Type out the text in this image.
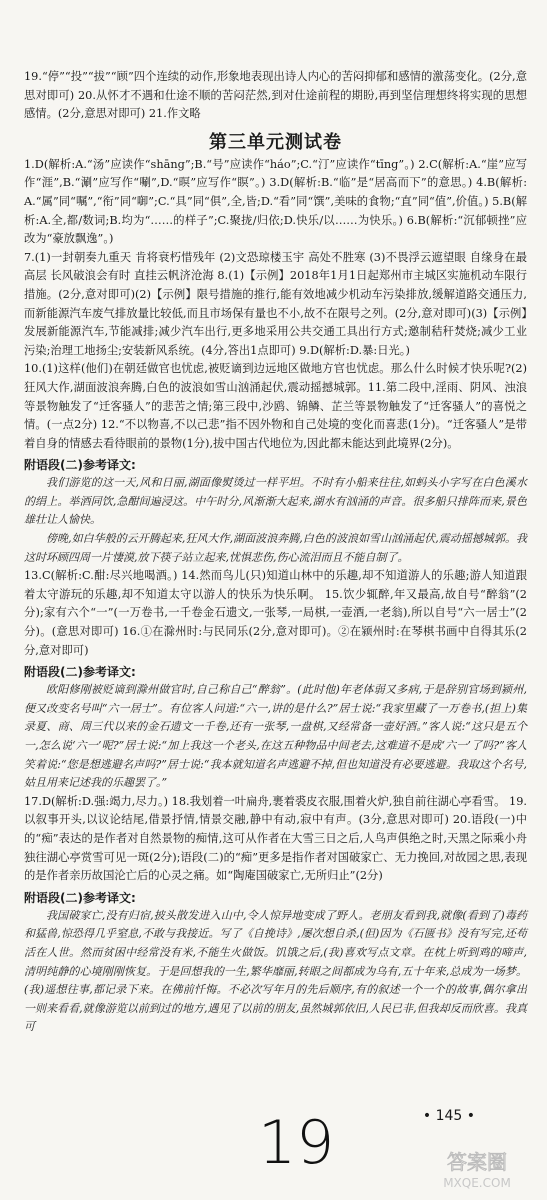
19.“停”“投”“拔”“顾”四个连续的动作,形象地表现出诗人内心的苦闷抑郁和感情的激荡变化。(2分,意思对即可) 20.从怀才不遇和仕途不顺的苦闷茫然,到对仕途前程的期盼,再到坚信理想终将实现的思想感情。(2分,意思对即可) 21.作文略

第三单元测试卷

1.D(解析:A.“汤”应读作“shāng”;B.“号”应读作“háo”;C.“汀”应读作“tīng”。) 2.C(解析:A.“崖”应写作“涯”,B.“涮”应写作“唰”,D.“暝”应写作“瞑”。) 3.D(解析:B.“临”是“居高而下”的意思。) 4.B(解析:A.“属”同“嘱”,“衔”同“啣”;C.“具”同“俱”,全,皆;D.“看”同“馔”,美味的食物;“直”同“值”,价值。) 5.B(解析:A.全,都/数词;B.均为“……的样子”;C.聚拢/归依;D.快乐/以……为快乐。) 6.B(解析:“沉郁顿挫”应改为“豪放飘逸”。)

7.(1)一封朝奏九重天 肯将衰朽惜残年 (2)文恐琼楼玉宇 高处不胜寒 (3)不畏浮云遮望眼 自缘身在最高层 长风破浪会有时 直挂云帆济沧海 8.(1)【示例】2018年1月1日起郑州市主城区实施机动车限行措施。(2分,意对即可)(2)【示例】限号措施的推行,能有效地减少机动车污染排放,缓解道路交通压力,而新能源汽车废气排放量比较低,而且市场保有量也不小,故不在限号之列。(2分,意对即可)(3)【示例】发展新能源汽车,节能减排;减少汽车出行,更多地采用公共交通工具出行方式;邀制秸秆焚烧;减少工业污染;治理工地扬尘;安装新风系统。(4分,答出1点即可) 9.D(解析:D.暴:日光。)

10.(1)这样(他们)在朝廷做官也忧虑,被贬谪到边远地区做地方官也忧虑。那么什么时候才快乐呢?(2)狂风大作,湖面波浪奔腾,白色的波浪如雪山汹涌起伏,震动摇撼城郭。11.第二段中,淫雨、阴风、浊浪等景物触发了“迁客骚人”的悲苦之情;第三段中,沙鸥、锦鳞、芷兰等景物触发了“迁客骚人”的喜悦之情。(一点2分) 12.“不以物喜,不以己悲”指不因外物和自己处境的变化而喜悲(1分)。“迁客骚人”是带着自身的情感去看待眼前的景物(1分),拔中国古代地位为,因此都未能达到此境界(2分)。

附语段(二)参考译文:

我们游览的这一天,风和日丽,湖面像熨烫过一样平坦。不时有小船来往往,如蚂头小字写在白色溪水的绢上。举酒同饮,急酣间遍浸这。中午时分,风渐渐大起来,湖水有汹涌的声音。很多船只排阵而来,景色雄壮让人愉快。

傍晚,如白华般的云开腾起来,狂风大作,湖面波浪奔腾,白色的波浪如雪山汹涌起伏,震动摇撼城郭。我这时环顾四周一片悽漠,放下筷子站立起来,忧惧悲伤,伤心流泪而且不能自制了。

13.C(解析:C.酣:尽兴地喝酒。) 14.然而鸟儿(只)知道山林中的乐趣,却不知道游人的乐趣;游人知道跟着太守游玩的乐趣,却不知道太守以游人的快乐为快乐啊。 15.饮少辄醉,年又最高,故自号“醉翁”(2分);家有六个“一”(一万卷书,一千卷金石遗文,一张琴,一局棋,一壶酒,一老翁),所以自号“六一居士”(2分)。(意思对即可) 16.①在滁州时:与民同乐(2分,意对即可)。②在颍州时:在琴棋书画中自得其乐(2分,意对即可)

附语段(二)参考译文:

欧阳修刚被贬谪到滁州做官时,自己称自己“醉翁”。(此时他)年老体弱又多病,于是辞别官场到颍州,便又改变名号叫“六一居士”。有位客人问道:“六一,讲的是什么?”居士说:“我家里藏了一万卷书,(担上)集录夏、商、周三代以来的金石遗文一千卷,还有一张琴,一盘棋,又经常备一壶好酒。”客人说:“这只是五个一,怎么说‘六一’呢?”居士说:“加上我这一个老头,在这五种物品中间老去,这难道不是成‘六一’了吗?”客人笑着说:“您是想逃避名声吗?”居士说:“我本就知道名声逃避不掉,但也知道没有必要逃避。我取这个名号,姑且用来记述我的乐趣罢了。”

17.D(解析:D.强:竭力,尽力。) 18.我划着一叶扁舟,裹着裘皮衣服,围着火炉,独自前往湖心亭看雪。 19.以叙事开头,以议论结尾,借景抒情,情景交融,静中有动,寂中有声。(3分,意思对即可) 20.语段(一)中的“痴”表达的是作者对自然景物的痴情,这可从作者在大雪三日之后,人鸟声俱绝之时,天黑之际乘小舟独往湖心亭赏雪可见一斑(2分);语段(二)的“痴”更多是指作者对国破家亡、无力挽回,对故园之思,表现的是作者亲历故国沦亡后的心灵之痛。如“陶庵国破家亡,无所归止”(2分)

附语段(二)参考译文:

我国破家亡,没有归宿,披头散发进入山中,令人惊异地变成了野人。老朋友看到我,就像(看到了)毒药和猛兽,惊恐得几乎窒息,不敢与我接近。写了《自挽诗》,屡次想自杀,(但)因为《石匮书》没有写完,还苟活在人世。然而贫困中经常没有米,不能生火做饭。饥饿之后,(我)喜欢写点文章。在枕上听到鸡的啼声,清明纯静的心境刚刚恢复。于是回想我的一生,繁华靡丽,转眼之间都成为乌有,五十年来,总成为一场梦。(我)遥想往事,都记录下来。在佛前忏悔。不必次写年月的先后顺序,有的叙述一个一个的故事,偶尔拿出一则来看看,就像游览以前到过的地方,遇见了以前的朋友,虽然城郭依旧,人民已非,但我却反而欣喜。我真可

• 145 •
19	答案圈
MXQE.COM
